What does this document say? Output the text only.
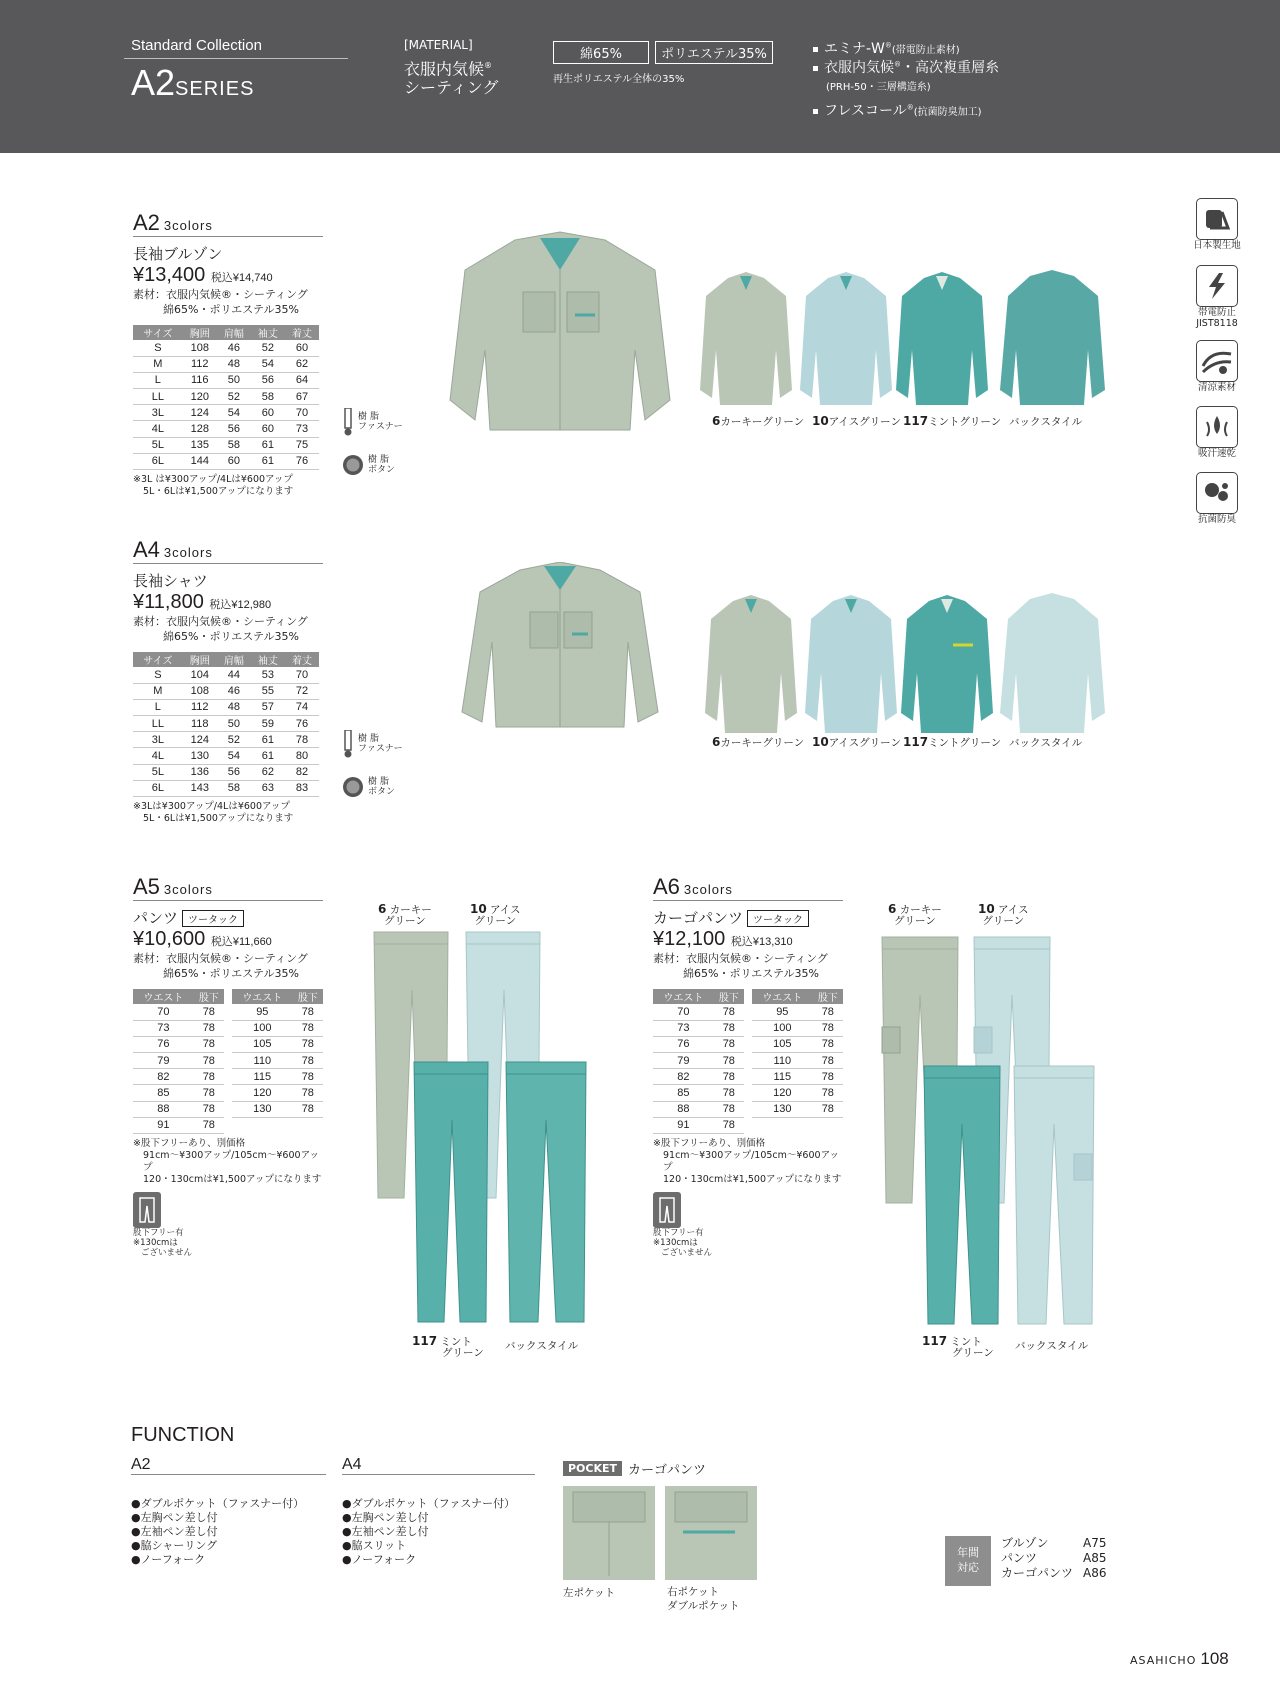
Standard Collection
A2SERIES
[MATERIAL]
衣服内気候®
シーティング
綿65%	ポリエステル35%
再生ポリエステル全体の35%
エミナ-W®(帯電防止素材)
衣服内気候®・高次複重層糸
(PRH-50・三層構造糸)
フレスコール®(抗菌防臭加工)
日本製生地
帯電防止
JIST8118
清涼素材
吸汗速乾
抗菌防臭
A2 3colors
長袖ブルゾン
¥13,400 税込¥14,740
素材：衣服内気候®・シーティング
綿65%・ポリエステル35%
サイズ	胸囲	肩幅	袖丈	着丈
S	108	46	52	60
M	112	48	54	62
L	116	50	56	64
LL	120	52	58	67
3L	124	54	60	70
4L	128	56	60	73
5L	135	58	61	75
6L	144	60	61	76
※3L は¥300アップ/4Lは¥600アップ
5L・6Lは¥1,500アップになります
樹 脂
ファスナー
樹 脂
ボタン
6カーキーグリーン 10アイスグリーン 117ミントグリーン バックスタイル
A4 3colors
長袖シャツ
¥11,800 税込¥12,980
素材：衣服内気候®・シーティング
綿65%・ポリエステル35%
サイズ	胸囲	肩幅	袖丈	着丈
S	104	44	53	70
M	108	46	55	72
L	112	48	57	74
LL	118	50	59	76
3L	124	52	61	78
4L	130	54	61	80
5L	136	56	62	82
6L	143	58	63	83
※3Lは¥300アップ/4Lは¥600アップ
5L・6Lは¥1,500アップになります
樹 脂
ファスナー
樹 脂
ボタン
6カーキーグリーン 10アイスグリーン 117ミントグリーン バックスタイル
A5 3colors
パンツ ツータック
¥10,600 税込¥11,660
素材：衣服内気候®・シーティング
綿65%・ポリエステル35%
ウエスト	股下		ウエスト	股下
70	78		95	78
73	78		100	78
76	78		105	78
79	78		110	78
82	78		115	78
85	78		120	78
88	78		130	78
91	78			
※股下フリーあり、別価格
91cm～¥300アップ/105cm～¥600アップ
120・130cmは¥1,500アップになります
股下フリー有
※130cmは
ございません
6 カーキー
グリーン
10 アイス
グリーン
117 ミント
グリーン
バックスタイル
A6 3colors
カーゴパンツ ツータック
¥12,100 税込¥13,310
素材：衣服内気候®・シーティング
綿65%・ポリエステル35%
ウエスト	股下		ウエスト	股下
70	78		95	78
73	78		100	78
76	78		105	78
79	78		110	78
82	78		115	78
85	78		120	78
88	78		130	78
91	78			
※股下フリーあり、別価格
91cm～¥300アップ/105cm～¥600アップ
120・130cmは¥1,500アップになります
股下フリー有
※130cmは
ございません
6 カーキー
グリーン
10 アイス
グリーン
117 ミント
グリーン
バックスタイル
FUNCTION
A2
●ダブルポケット（ファスナー付）
●左胸ペン差し付
●左袖ペン差し付
●脇シャーリング
●ノーフォーク
A4
●ダブルポケット（ファスナー付）
●左胸ペン差し付
●左袖ペン差し付
●脇スリット
●ノーフォーク
POCKET カーゴパンツ
左ポケット	右ポケット
ダブルポケット
年間
対応
ブルゾン	A75
パンツ	A85
カーゴパンツ A86
ASAHICHO 108
